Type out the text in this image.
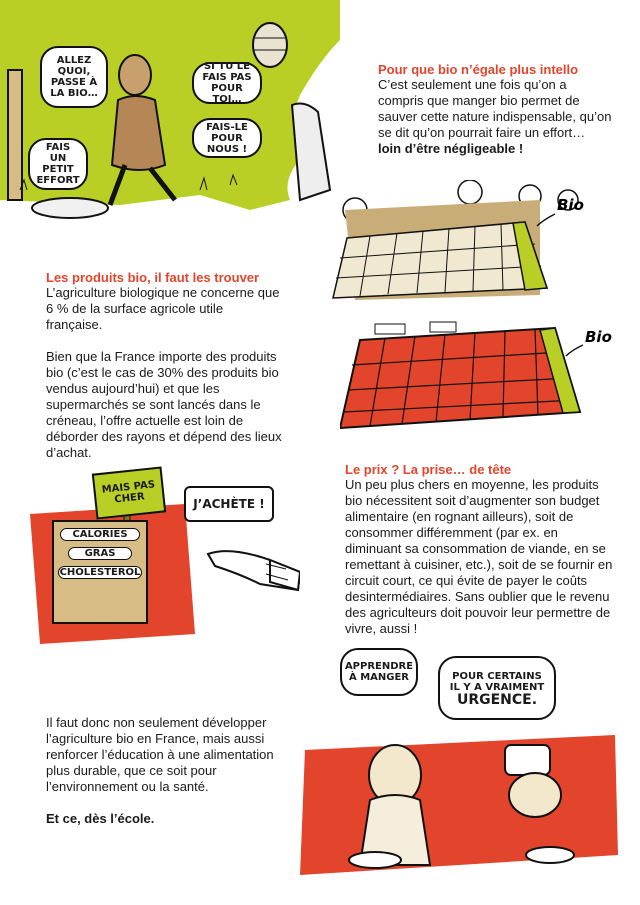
ALLEZ QUOI, PASSE À LA BIO…
SI TU LE FAIS PAS POUR TOI…
FAIS-LE POUR NOUS !
FAIS UN PETIT EFFORT
Pour que bio n’égale plus intello
C’est seulement une fois qu’on a compris que manger bio permet de sauver cette nature indispensable, qu’on se dit qu’on pourrait faire un effort…
loin d’être négligeable !
Bio
Les produits bio, il faut les trouver
L’agriculture biologique ne concerne que 6 % de la surface agricole utile française.
Bien que la France importe des produits bio (c’est le cas de 30% des produits bio vendus aujourd’hui) et que les supermarchés se sont lancés dans le créneau, l’offre actuelle est loin de déborder des rayons et dépend des lieux d’achat.
Bio
CALORIES
GRAS
CHOLESTEROL
MAIS PAS CHER	J’ACHÈTE !
Le prix ? La prise… de tête
Un peu plus chers en moyenne, les produits bio nécessitent soit d’augmenter son budget alimentaire (en rognant ailleurs), soit de consommer différemment (par ex. en diminuant sa consommation de viande, en se remettant à cuisiner, etc.), soit de se fournir en circuit court, ce qui évite de payer le coûts desintermédiaires. Sans oublier que le revenu des agriculteurs doit pouvoir leur permettre de vivre, aussi !
APPRENDRE À MANGER	POUR CERTAINS IL Y A VRAIMENT
URGENCE.
Il faut donc non seulement développer l’agriculture bio en France, mais aussi renforcer l’éducation à une alimentation plus durable, que ce soit pour l’environnement ou la santé.
Et ce, dès l’école.
